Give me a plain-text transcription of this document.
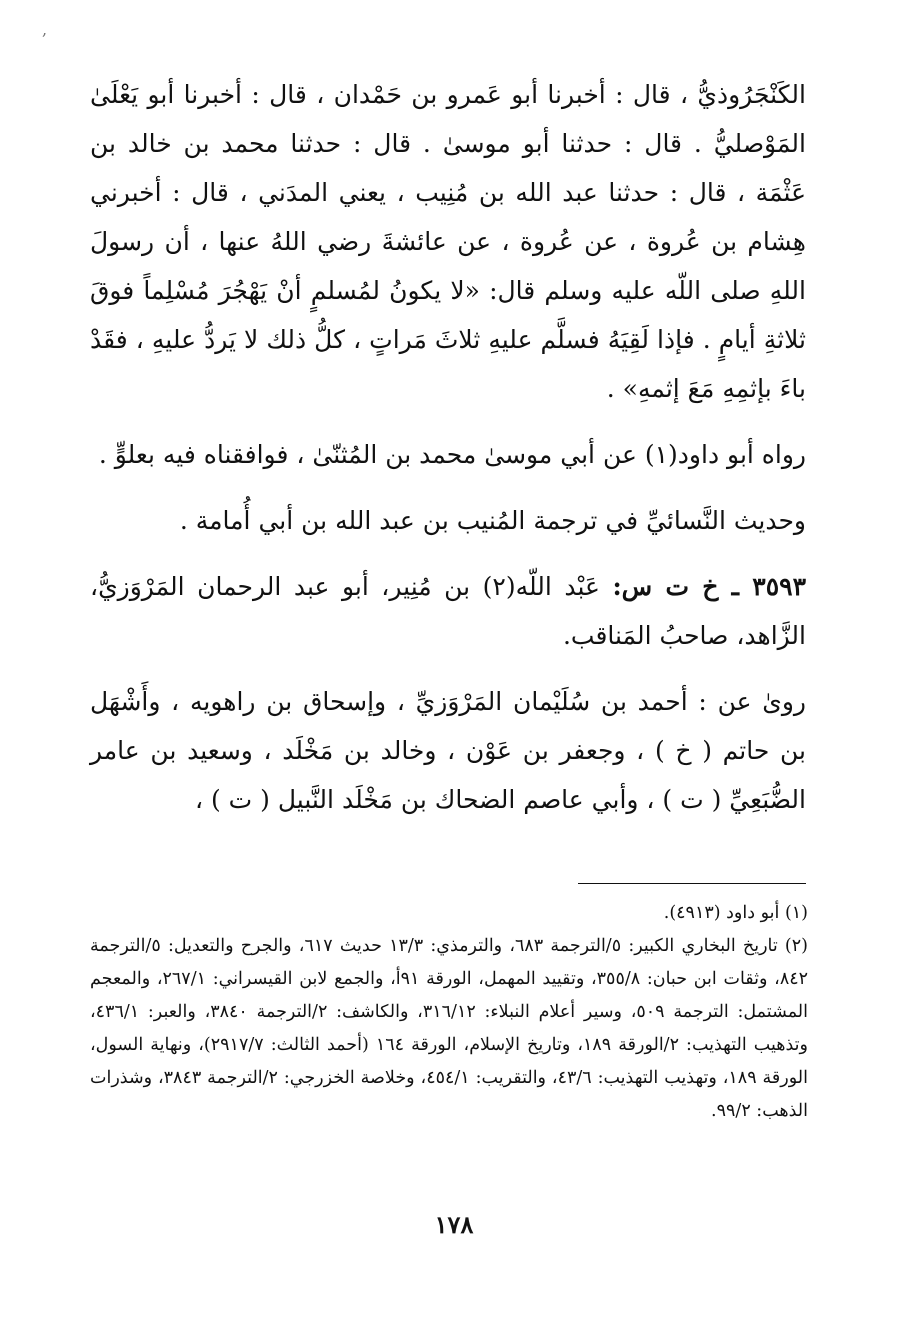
,

الكَنْجَرُوذيُّ ، قال : أخبرنا أبو عَمرو بن حَمْدان ، قال : أخبرنا أبو يَعْلَىٰ المَوْصليُّ . قال : حدثنا أبو موسىٰ . قال : حدثنا محمد بن خالد بن عَثْمَة ، قال : حدثنا عبد الله بن مُنِيب ، يعني المدَني ، قال : أخبرني هِشام بن عُروة ، عن عُروة ، عن عائشةَ رضي اللهُ عنها ، أن رسولَ اللهِ صلى اللّه عليه وسلم قال: «لا يكونُ لمُسلمٍ أنْ يَهْجُرَ مُسْلِماً فوقَ ثلاثةِ أيامٍ . فإذا لَقِيَهُ فسلَّم عليهِ ثلاثَ مَراتٍ ، كلُّ ذلك لا يَردُّ عليهِ ، فقَدْ باءَ بإثمِهِ مَعَ إثمهِ» .

رواه أبو داود(١) عن أبي موسىٰ محمد بن المُثنّىٰ ، فوافقناه فيه بعلوٍّ .

وحديث النَّسائيِّ في ترجمة المُنيب بن عبد الله بن أبي أُمامة .

٣٥٩٣ ـ خ ت س: عَبْد اللّه(٢) بن مُنِير، أبو عبد الرحمان المَرْوَزيُّ، الزَّاهد، صاحبُ المَناقب.

روىٰ عن : أحمد بن سُلَيْمان المَرْوَزيِّ ، وإسحاق بن راهويه ، وأَشْهَل بن حاتم ( خ ) ، وجعفر بن عَوْن ، وخالد بن مَخْلَد ، وسعيد بن عامر الضُّبَعِيِّ ( ت ) ، وأبي عاصم الضحاك بن مَخْلَد النَّبيل ( ت ) ،

(١) أبو داود (٤٩١٣).

(٢) تاريخ البخاري الكبير: ٥/الترجمة ٦٨٣، والترمذي: ١٣/٣ حديث ٦١٧، والجرح والتعديل: ٥/الترجمة ٨٤٢، وثقات ابن حبان: ٣٥٥/٨، وتقييد المهمل، الورقة ٩١أ، والجمع لابن القيسراني: ٢٦٧/١، والمعجم المشتمل: الترجمة ٥٠٩، وسير أعلام النبلاء: ٣١٦/١٢، والكاشف: ٢/الترجمة ٣٨٤٠، والعبر: ٤٣٦/١، وتذهيب التهذيب: ٢/الورقة ١٨٩، وتاريخ الإسلام، الورقة ١٦٤ (أحمد الثالث: ٢٩١٧/٧)، ونهاية السول، الورقة ١٨٩، وتهذيب التهذيب: ٤٣/٦، والتقريب: ٤٥٤/١، وخلاصة الخزرجي: ٢/الترجمة ٣٨٤٣، وشذرات الذهب: ٩٩/٢.

١٧٨
